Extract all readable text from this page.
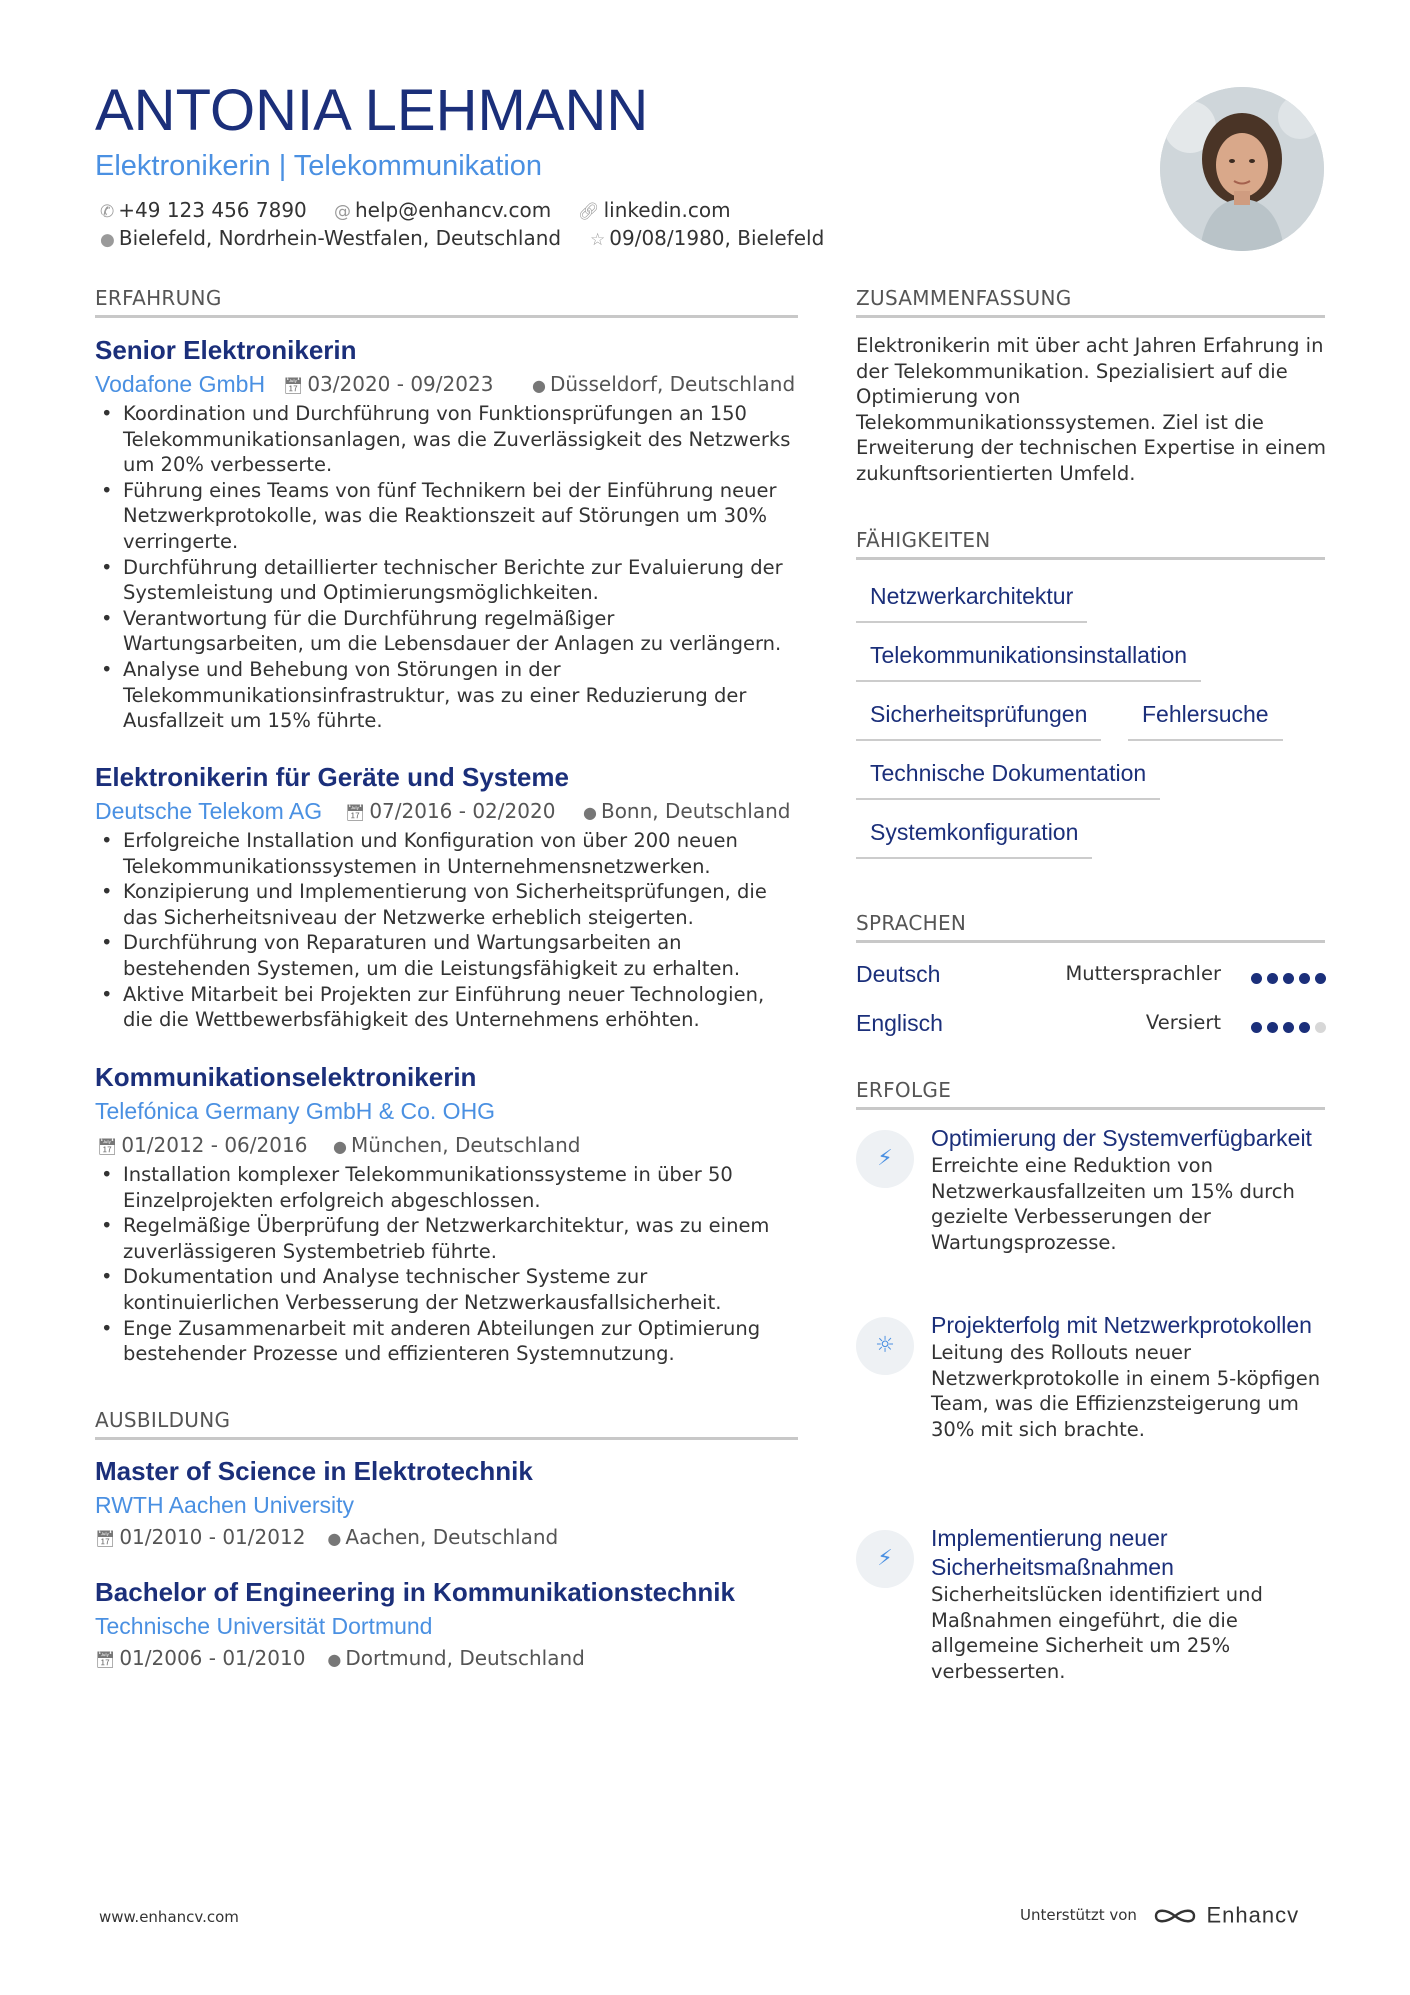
ANTONIA LEHMANN
Elektronikerin | Telekommunikation
✆ +49 123 456 7890 @ help@enhancv.com 🔗︎ linkedin.com
● Bielefeld, Nordrhein-Westfalen, Deutschland ☆ 09/08/1980, Bielefeld
ERFAHRUNG
Senior Elektronikerin
Vodafone GmbH 📅︎ 03/2020 - 09/2023 ● Düsseldorf, Deutschland
• Koordination und Durchführung von Funktionsprüfungen an 150 Telekommunikationsanlagen, was die Zuverlässigkeit des Netzwerks um 20% verbesserte.
• Führung eines Teams von fünf Technikern bei der Einführung neuer Netzwerkprotokolle, was die Reaktionszeit auf Störungen um 30% verringerte.
• Durchführung detaillierter technischer Berichte zur Evaluierung der Systemleistung und Optimierungsmöglichkeiten.
• Verantwortung für die Durchführung regelmäßiger Wartungsarbeiten, um die Lebensdauer der Anlagen zu verlängern.
• Analyse und Behebung von Störungen in der Telekommunikationsinfrastruktur, was zu einer Reduzierung der Ausfallzeit um 15% führte.
Elektronikerin für Geräte und Systeme
Deutsche Telekom AG 📅︎ 07/2016 - 02/2020 ● Bonn, Deutschland
• Erfolgreiche Installation und Konfiguration von über 200 neuen Telekommunikationssystemen in Unternehmensnetzwerken.
• Konzipierung und Implementierung von Sicherheitsprüfungen, die das Sicherheitsniveau der Netzwerke erheblich steigerten.
• Durchführung von Reparaturen und Wartungsarbeiten an bestehenden Systemen, um die Leistungsfähigkeit zu erhalten.
• Aktive Mitarbeit bei Projekten zur Einführung neuer Technologien, die die Wettbewerbsfähigkeit des Unternehmens erhöhten.
Kommunikationselektronikerin
Telefónica Germany GmbH & Co. OHG
📅︎ 01/2012 - 06/2016 ● München, Deutschland
• Installation komplexer Telekommunikationssysteme in über 50 Einzelprojekten erfolgreich abgeschlossen.
• Regelmäßige Überprüfung der Netzwerkarchitektur, was zu einem zuverlässigeren Systembetrieb führte.
• Dokumentation und Analyse technischer Systeme zur kontinuierlichen Verbesserung der Netzwerkausfallsicherheit.
• Enge Zusammenarbeit mit anderen Abteilungen zur Optimierung bestehender Prozesse und effizienteren Systemnutzung.
AUSBILDUNG
Master of Science in Elektrotechnik
RWTH Aachen University
📅︎ 01/2010 - 01/2012 ● Aachen, Deutschland
Bachelor of Engineering in Kommunikationstechnik
Technische Universität Dortmund
📅︎ 01/2006 - 01/2010 ● Dortmund, Deutschland
ZUSAMMENFASSUNG
Elektronikerin mit über acht Jahren Erfahrung in der Telekommunikation. Spezialisiert auf die Optimierung von Telekommunikationssystemen. Ziel ist die Erweiterung der technischen Expertise in einem zukunftsorientierten Umfeld.
FÄHIGKEITEN
Netzwerkarchitektur
Telekommunikationsinstallation
Sicherheitsprüfungen	Fehlersuche
Technische Dokumentation
Systemkonfiguration
SPRACHEN
Deutsch	Muttersprachler
Englisch	Versiert
ERFOLGE
⚡︎
Optimierung der Systemverfügbarkeit
Erreichte eine Reduktion von Netzwerkausfallzeiten um 15% durch gezielte Verbesserungen der Wartungsprozesse.
☼
Projekterfolg mit Netzwerkprotokollen
Leitung des Rollouts neuer Netzwerkprotokolle in einem 5-köpfigen Team, was die Effizienzsteigerung um 30% mit sich brachte.
⚡︎
Implementierung neuer Sicherheitsmaßnahmen
Sicherheitslücken identifiziert und Maßnahmen eingeführt, die die allgemeine Sicherheit um 25% verbesserten.
www.enhancv.com	Unterstützt von	Enhancv
